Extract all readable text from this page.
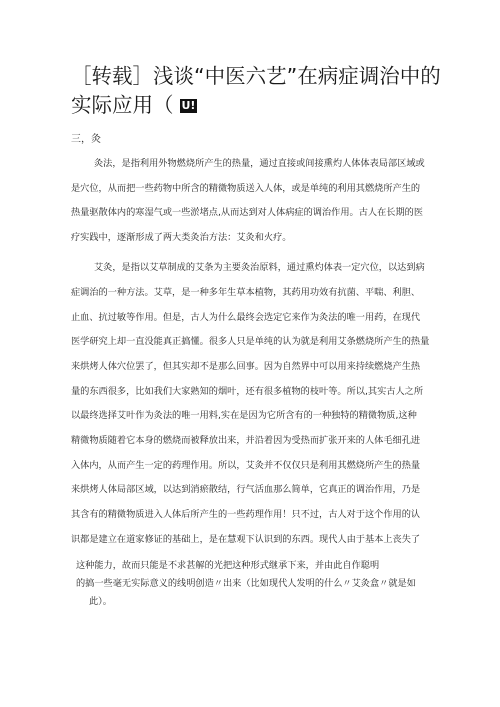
［转载］浅谈“中医六艺”在病症调治中的
实际应用（ U!
三，灸
灸法，是指利用外物燃烧所产生的热量，通过直接或间接熏灼人体体表局部区域或
是穴位，从而把一些药物中所含的精微物质送入人体，或是单纯的利用其燃烧所产生的
热量驱散体内的寒湿气或一些淤堵点,从而达到对人体病症的调治作用。古人在长期的医
疗实践中，逐渐形成了两大类灸治方法：艾灸和火疗。
艾灸，是指以艾草制成的艾条为主要灸治原料，通过熏灼体表一定穴位，以达到病
症调治的一种方法。艾草，是一种多年生草本植物，其药用功效有抗菌、平喘、利胆、
止血、抗过敏等作用。但是，古人为什么最终会选定它来作为灸法的唯一用药，在现代
医学研究上却一直没能真正搞懂。很多人只是单纯的认为就是利用艾条燃烧所产生的热量
来烘烤人体穴位罢了，但其实却不是那么回事。因为自然界中可以用来持续燃烧产生热
量的东西很多，比如我们大家熟知的烟叶，还有很多植物的枝叶等。所以,其实古人之所
以最终选择艾叶作为灸法的唯一用料,实在是因为它所含有的一种独特的精微物质,这种
精微物质随着它本身的燃烧而被释放出来，并沿着因为受热而扩张开来的人体毛细孔进
入体内，从而产生一定的药理作用。所以，艾灸并不仅仅只是利用其燃烧所产生的热量
来烘烤人体局部区域，以达到消瘀散结，行气活血那么简单，它真正的调治作用，乃是
其含有的精微物质进入人体后所产生的一些药理作用！只不过，古人对于这个作用的认
识都是建立在道家修证的基础上，是在慧观下认识到的东西。现代人由于基本上丧失了
这种能力，故而只能是不求甚解的光把这种形式继承下来，并由此自作聪明
的搞一些毫无实际意义的线明创造〃出来（比如现代人发明的什么〃艾灸盒〃就是如
此）。
